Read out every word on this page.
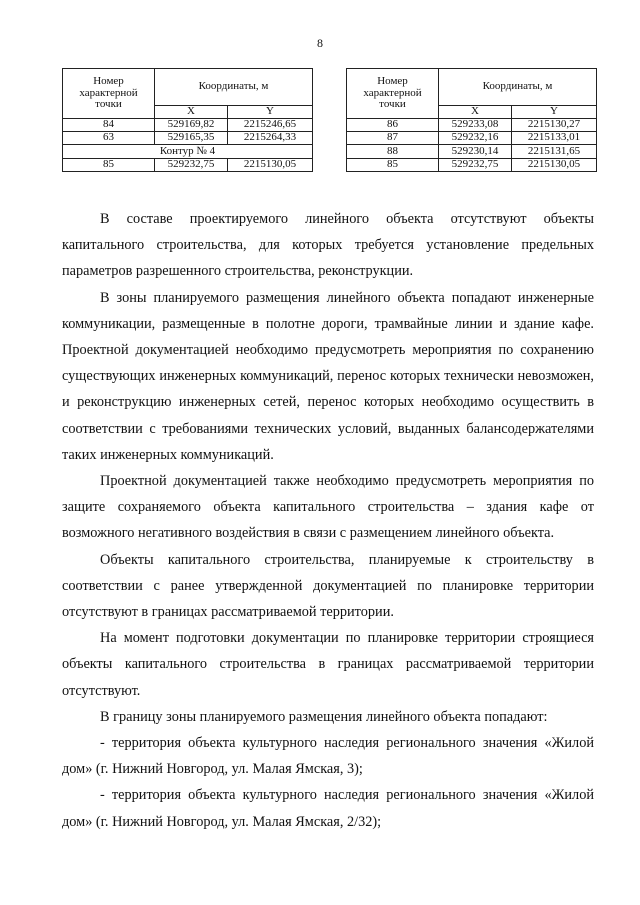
8
Номер характерной точки	Координаты, м	
	X	Y
84	529169,82	2215246,65
63	529165,35	2215264,33
Контур № 4		
85	529232,75	2215130,05
Номер характерной точки	Координаты, м	
	X	Y
86	529233,08	2215130,27
87	529232,16	2215133,01
88	529230,14	2215131,65
85	529232,75	2215130,05

В составе проектируемого линейного объекта отсутствуют объекты капитального строительства, для которых требуется установление предельных параметров разрешенного строительства, реконструкции.

В зоны планируемого размещения линейного объекта попадают инженерные коммуникации, размещенные в полотне дороги, трамвайные линии и здание кафе. Проектной документацией необходимо предусмотреть мероприятия по сохранению существующих инженерных коммуникаций, перенос которых технически невозможен, и реконструкцию инженерных сетей, перенос которых необходимо осуществить в соответствии с требованиями технических условий, выданных балансодержателями таких инженерных коммуникаций.

Проектной документацией также необходимо предусмотреть мероприятия по защите сохраняемого объекта капитального строительства – здания кафе от возможного негативного воздействия в связи с размещением линейного объекта.

Объекты капитального строительства, планируемые к строительству в соответствии с ранее утвержденной документацией по планировке территории отсутствуют в границах рассматриваемой территории.

На момент подготовки документации по планировке территории строящиеся объекты капитального строительства в границах рассматриваемой территории отсутствуют.

В границу зоны планируемого размещения линейного объекта попадают:

- территория объекта культурного наследия регионального значения «Жилой дом» (г. Нижний Новгород, ул. Малая Ямская, 3);

- территория объекта культурного наследия регионального значения «Жилой дом» (г. Нижний Новгород, ул. Малая Ямская, 2/32);
